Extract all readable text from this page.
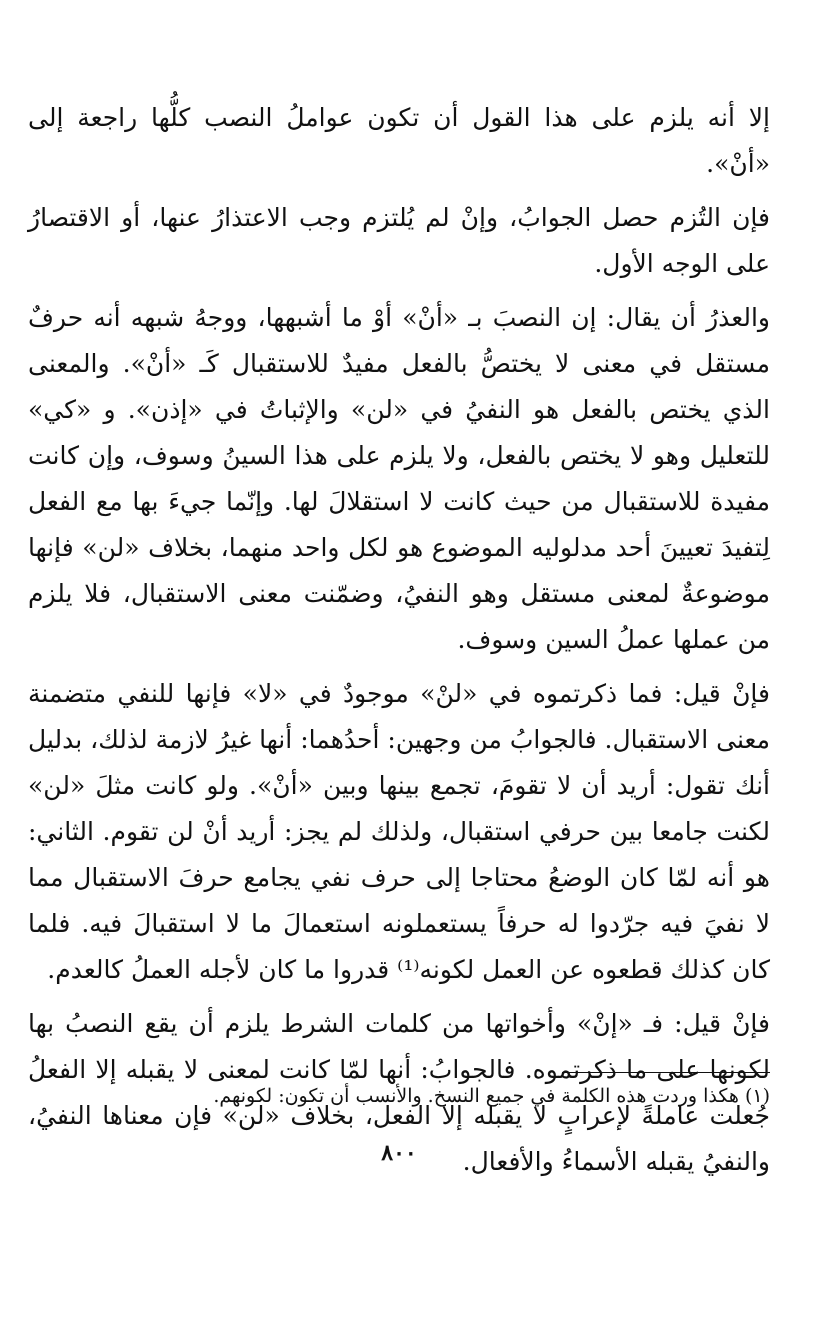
إلا أنه يلزم على هذا القول أن تكون عواملُ النصب كلُّها راجعة إلى «أنْ».

فإن التُزم حصل الجوابُ، وإنْ لم يُلتزم وجب الاعتذارُ عنها، أو الاقتصارُ على الوجه الأول.

والعذرُ أن يقال: إن النصبَ بـ «أنْ» أوْ ما أشبهها، ووجهُ شبهه أنه حرفٌ مستقل في معنى لا يختصُّ بالفعل مفيدٌ للاستقبال كَـ «أنْ». والمعنى الذي يختص بالفعل هو النفيُ في «لن» والإثباتُ في «إذن». و «كي» للتعليل وهو لا يختص بالفعل، ولا يلزم على هذا السينُ وسوف، وإن كانت مفيدة للاستقبال من حيث كانت لا استقلالَ لها. وإنّما جيءَ بها مع الفعل لِتفيدَ تعيينَ أحد مدلوليه الموضوع هو لكل واحد منهما، بخلاف «لن» فإنها موضوعةٌ لمعنى مستقل وهو النفيُ، وضمّنت معنى الاستقبال، فلا يلزم من عملها عملُ السين وسوف.

فإنْ قيل: فما ذكرتموه في «لنْ» موجودٌ في «لا» فإنها للنفي متضمنة معنى الاستقبال. فالجوابُ من وجهين: أحدُهما: أنها غيرُ لازمة لذلك، بدليل أنك تقول: أريد أن لا تقومَ، تجمع بينها وبين «أنْ». ولو كانت مثلَ «لن» لكنت جامعا بين حرفي استقبال، ولذلك لم يجز: أريد أنْ لن تقوم. الثاني: هو أنه لمّا كان الوضعُ محتاجا إلى حرف نفي يجامع حرفَ الاستقبال مما لا نفيَ فيه جرّدوا له حرفاً يستعملونه استعمالَ ما لا استقبالَ فيه. فلما كان كذلك قطعوه عن العمل لكونه⁽¹⁾ قدروا ما كان لأجله العملُ كالعدم.

فإنْ قيل: فـ «إنْ» وأخواتها من كلمات الشرط يلزم أن يقع النصبُ بها لكونها على ما ذكرتموه. فالجوابُ: أنها لمّا كانت لمعنى لا يقبله إلا الفعلُ جُعلت عاملةً لإعرابٍ لا يقبله إلا الفعل، بخلاف «لن» فإن معناها النفيُ، والنفيُ يقبله الأسماءُ والأفعال.

(١) هكذا وردت هذه الكلمة في جميع النسخ. والأنسب أن تكون: لكونهم.

٨٠٠
